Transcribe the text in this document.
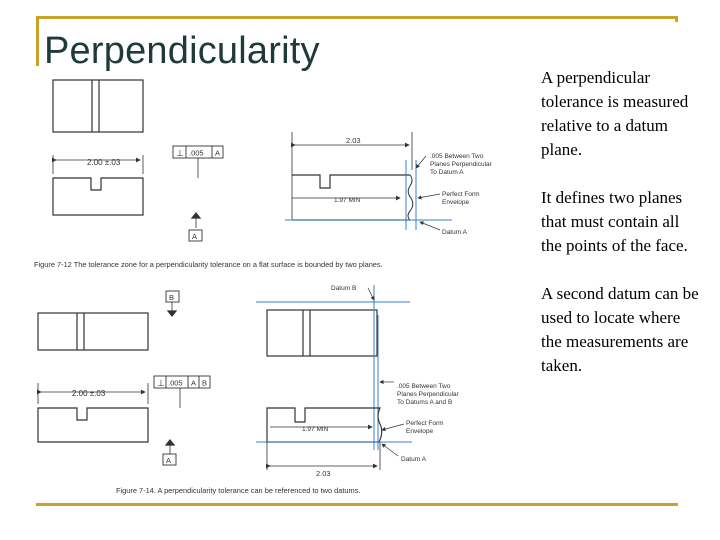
Perpendicularity

A perpendicular tolerance is measured relative to a datum plane.

It defines two planes that must contain all the points of the face.

A second datum can be used to locate where the measurements are taken.

2.00 ±.03
⊥ .005 A
A
2.03
1.97 MIN
.005 Between Two
Planes Perpendicular
To Datum A
Perfect Form
Envelope
Datum A
Figure 7-12 The tolerance zone for a perpendicularity tolerance on a flat surface is bounded by two planes.
B
Datum B
2.00 ±.03
⊥ .005 A B
A
.005 Between Two
Planes Perpendicular
To Datums A and B
Perfect Form
Envelope
1.97 MIN
2.03
Datum A
Figure 7-14. A perpendicularity tolerance can be referenced to two datums.
